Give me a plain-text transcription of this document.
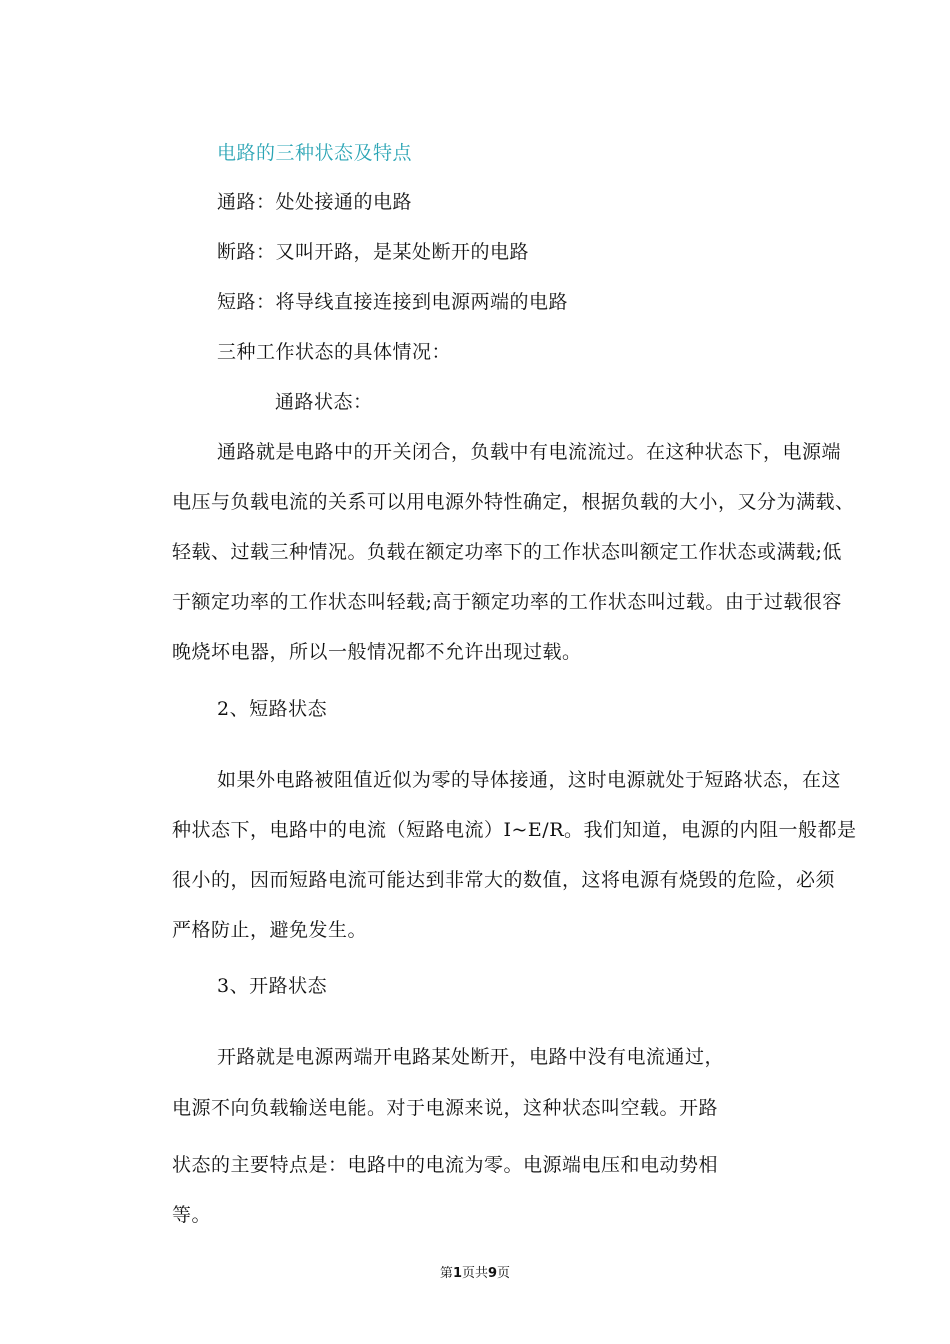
电路的三种状态及特点
通路：处处接通的电路
断路：又叫开路，是某处断开的电路
短路：将导线直接连接到电源两端的电路
三种工作状态的具体情况：
通路状态：
通路就是电路中的开关闭合，负载中有电流流过。在这种状态下，电源端
电压与负载电流的关系可以用电源外特性确定，根据负载的大小，又分为满载、
轻载、过载三种情况。负载在额定功率下的工作状态叫额定工作状态或满载;低
于额定功率的工作状态叫轻载;高于额定功率的工作状态叫过载。由于过载很容
晚烧坏电器，所以一般情况都不允许出现过载。
2、短路状态
如果外电路被阻值近似为零的导体接通，这时电源就处于短路状态，在这
种状态下，电路中的电流（短路电流）I~E/R。我们知道，电源的内阻一般都是
很小的，因而短路电流可能达到非常大的数值，这将电源有烧毁的危险，必须
严格防止，避免发生。
3、开路状态
开路就是电源两端开电路某处断开，电路中没有电流通过，
电源不向负载输送电能。对于电源来说，这种状态叫空载。开路
状态的主要特点是：电路中的电流为零。电源端电压和电动势相
等。
第1页共9页
